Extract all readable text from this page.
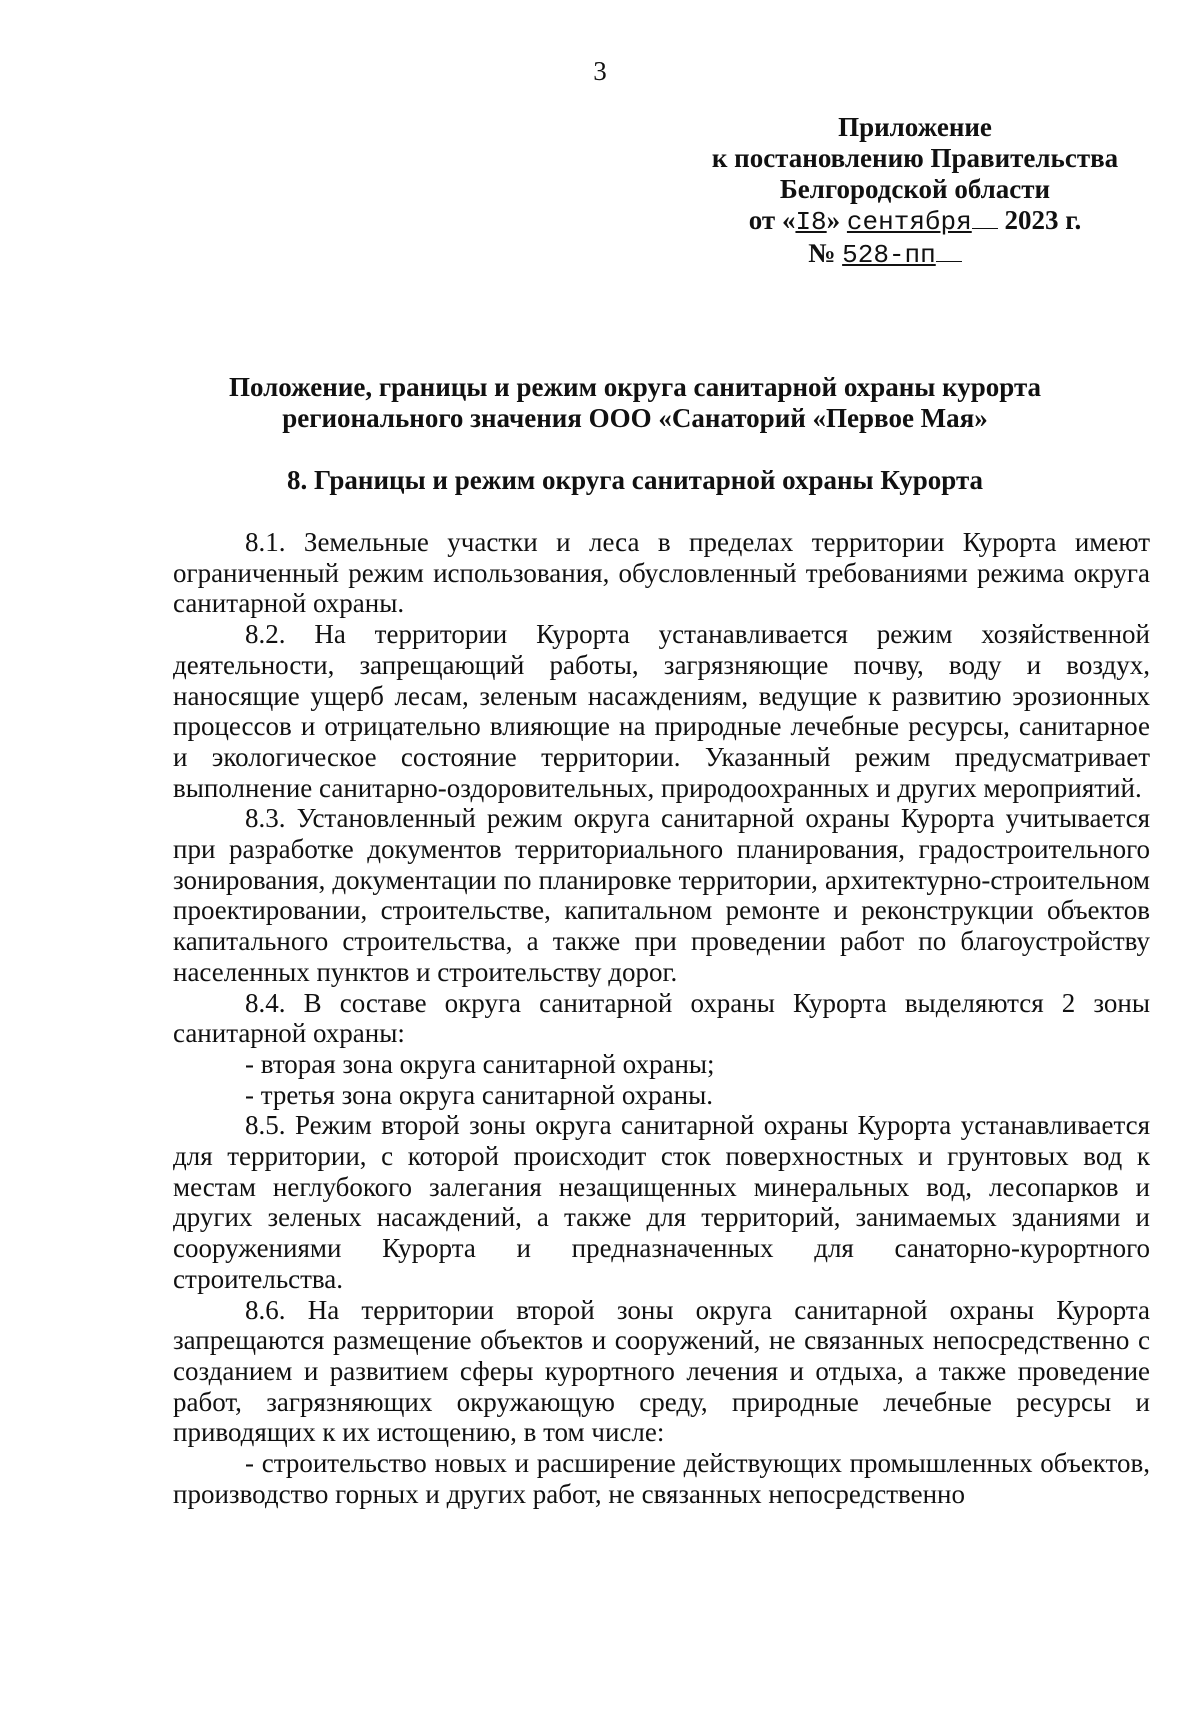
3
Приложение
к постановлению Правительства
Белгородской области
от «I8» сентября 2023 г.
№ 528-пп
Положение, границы и режим округа санитарной охраны курорта
регионального значения ООО «Санаторий «Первое Мая»
8. Границы и режим округа санитарной охраны Курорта

8.1. Земельные участки и леса в пределах территории Курорта имеют ограниченный режим использования, обусловленный требованиями режима округа санитарной охраны.

8.2. На территории Курорта устанавливается режим хозяйственной деятельности, запрещающий работы, загрязняющие почву, воду и воздух, наносящие ущерб лесам, зеленым насаждениям, ведущие к развитию эрозионных процессов и отрицательно влияющие на природные лечебные ресурсы, санитарное и экологическое состояние территории. Указанный режим предусматривает выполнение санитарно-оздоровительных, природоохранных и других мероприятий.

8.3. Установленный режим округа санитарной охраны Курорта учитывается при разработке документов территориального планирования, градостроительного зонирования, документации по планировке территории, архитектурно-строительном проектировании, строительстве, капитальном ремонте и реконструкции объектов капитального строительства, а также при проведении работ по благоустройству населенных пунктов и строительству дорог.

8.4. В составе округа санитарной охраны Курорта выделяются 2 зоны санитарной охраны:

- вторая зона округа санитарной охраны;

- третья зона округа санитарной охраны.

8.5. Режим второй зоны округа санитарной охраны Курорта устанавливается для территории, с которой происходит сток поверхностных и грунтовых вод к местам неглубокого залегания незащищенных минеральных вод, лесопарков и других зеленых насаждений, а также для территорий, занимаемых зданиями и сооружениями Курорта и предназначенных для санаторно-курортного строительства.

8.6. На территории второй зоны округа санитарной охраны Курорта запрещаются размещение объектов и сооружений, не связанных непосредственно с созданием и развитием сферы курортного лечения и отдыха, а также проведение работ, загрязняющих окружающую среду, природные лечебные ресурсы и приводящих к их истощению, в том числе:

- строительство новых и расширение действующих промышленных объектов, производство горных и других работ, не связанных непосредственно
